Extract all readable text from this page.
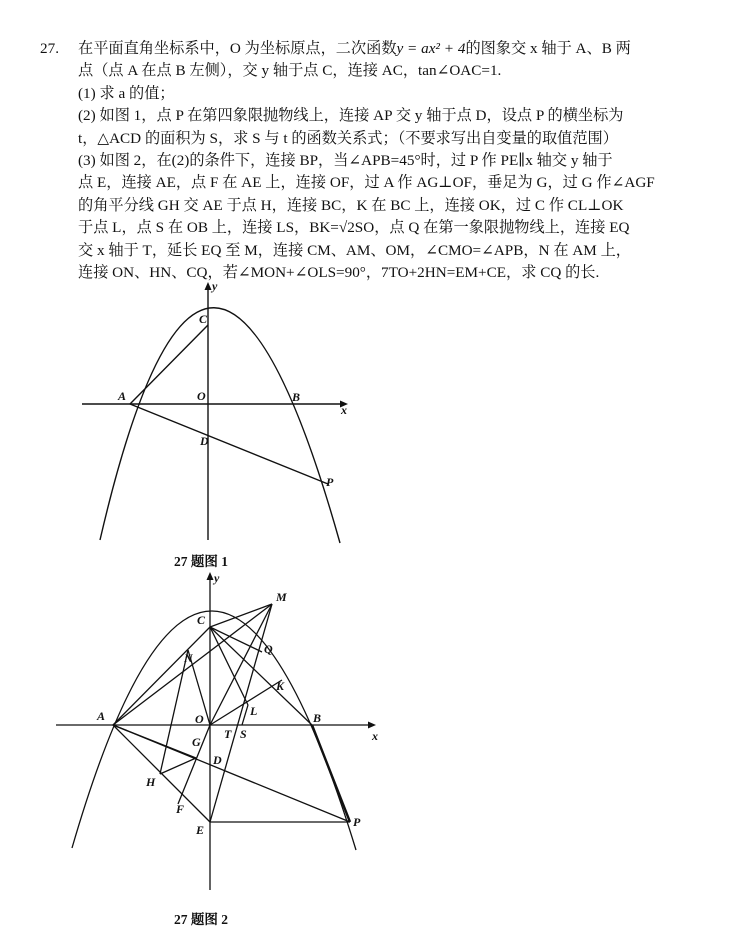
27. 在平面直角坐标系中，O 为坐标原点，二次函数y = ax² + 4的图象交 x 轴于 A、B 两
点（点 A 在点 B 左侧），交 y 轴于点 C，连接 AC，tan∠OAC=1.
(1) 求 a 的值；
(2) 如图 1，点 P 在第四象限抛物线上，连接 AP 交 y 轴于点 D，设点 P 的横坐标为
t，△ACD 的面积为 S，求 S 与 t 的函数关系式；（不要求写出自变量的取值范围）
(3) 如图 2，在(2)的条件下，连接 BP，当∠APB=45°时，过 P 作 PE∥x 轴交 y 轴于
点 E，连接 AE，点 F 在 AE 上，连接 OF，过 A 作 AG⊥OF，垂足为 G，过 G 作∠AGF
的角平分线 GH 交 AE 于点 H，连接 BC，K 在 BC 上，连接 OK，过 C 作 CL⊥OK
于点 L，点 S 在 OB 上，连接 LS，BK=√2SO，点 Q 在第一象限抛物线上，连接 EQ
交 x 轴于 T，延长 EQ 至 M，连接 CM、AM、OM，∠CMO=∠APB，N 在 AM 上，
连接 ON、HN、CQ，若∠MON+∠OLS=90°，7TO+2HN=EM+CE，求 CQ 的长.
y
x
C
A	O	B
D
P
27 题图 1
y
x
M
C
N
Q
K
A	O
L	B
T S
G
D
H
F
E
P
27 题图 2
